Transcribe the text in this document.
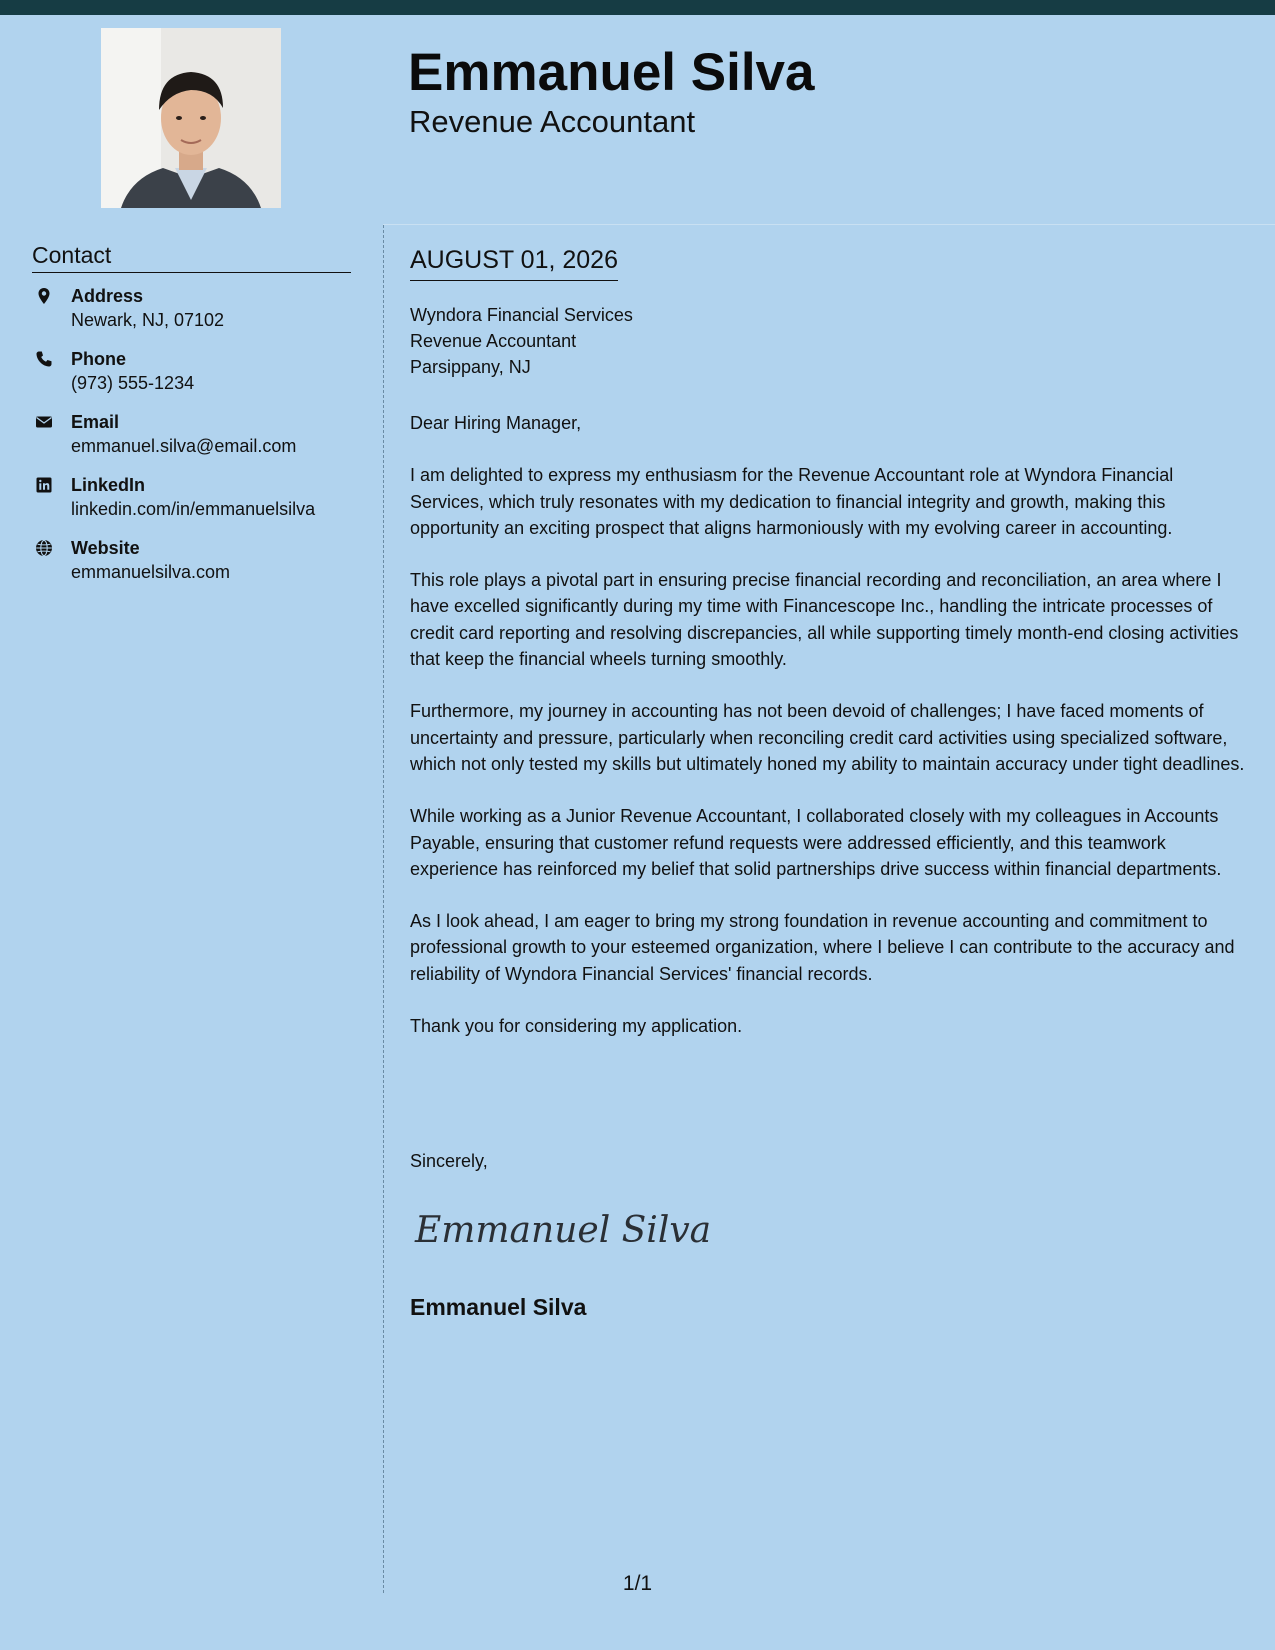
Emmanuel Silva
Revenue Accountant
Contact
Address
Newark, NJ, 07102
Phone
(973) 555-1234
Email
emmanuel.silva@email.com
LinkedIn
linkedin.com/in/emmanuelsilva
Website
emmanuelsilva.com
AUGUST 01, 2026
Wyndora Financial Services
Revenue Accountant
Parsippany, NJ

Dear Hiring Manager,

I am delighted to express my enthusiasm for the Revenue Accountant role at Wyndora Financial Services, which truly resonates with my dedication to financial integrity and growth, making this opportunity an exciting prospect that aligns harmoniously with my evolving career in accounting.

This role plays a pivotal part in ensuring precise financial recording and reconciliation, an area where I have excelled significantly during my time with Financescope Inc., handling the intricate processes of credit card reporting and resolving discrepancies, all while supporting timely month-end closing activities that keep the financial wheels turning smoothly.

Furthermore, my journey in accounting has not been devoid of challenges; I have faced moments of uncertainty and pressure, particularly when reconciling credit card activities using specialized software, which not only tested my skills but ultimately honed my ability to maintain accuracy under tight deadlines.

While working as a Junior Revenue Accountant, I collaborated closely with my colleagues in Accounts Payable, ensuring that customer refund requests were addressed efficiently, and this teamwork experience has reinforced my belief that solid partnerships drive success within financial departments.

As I look ahead, I am eager to bring my strong foundation in revenue accounting and commitment to professional growth to your esteemed organization, where I believe I can contribute to the accuracy and reliability of Wyndora Financial Services' financial records.

Thank you for considering my application.

Sincerely,
Emmanuel Silva
Emmanuel Silva
1/1
